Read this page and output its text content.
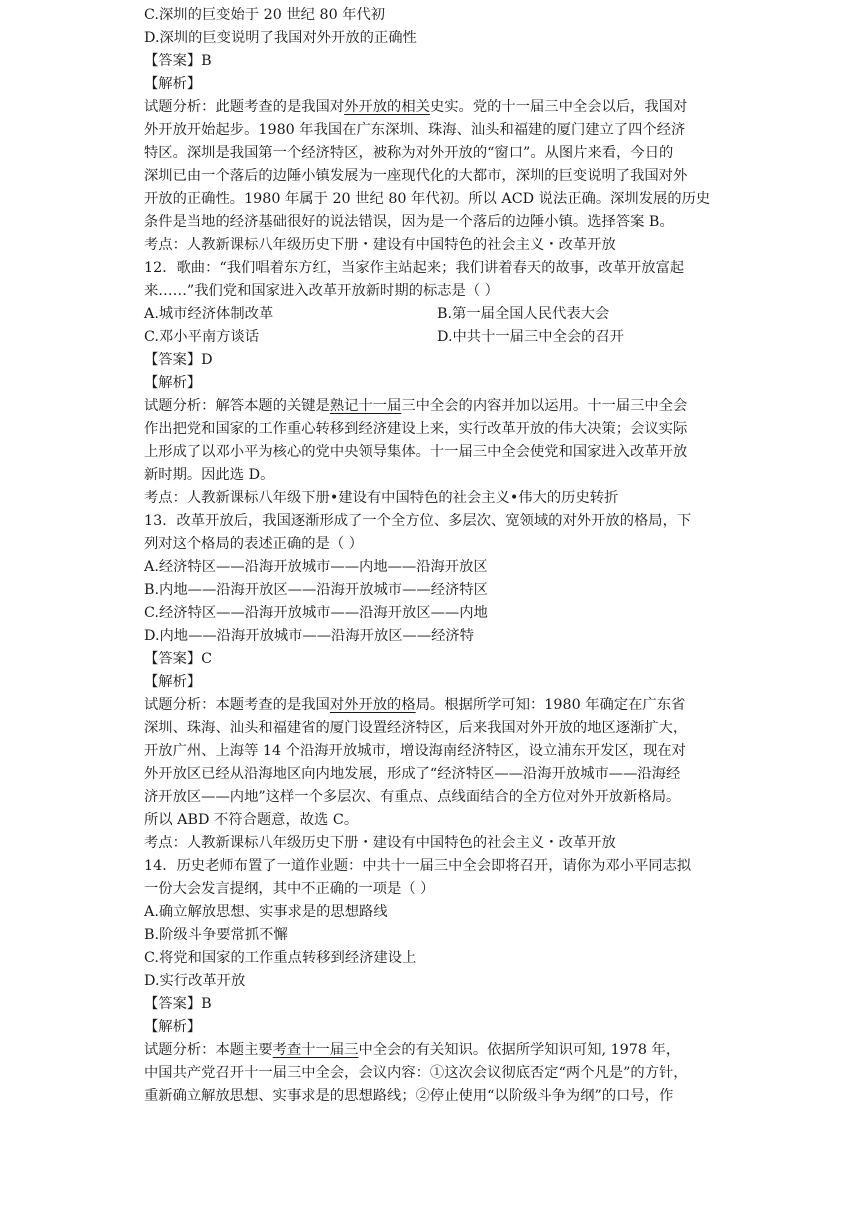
C.深圳的巨变始于 20 世纪 80 年代初
D.深圳的巨变说明了我国对外开放的正确性
【答案】B
【解析】
试题分析：此题考查的是我国对外开放的相关史实。党的十一届三中全会以后，我国对
外开放开始起步。1980 年我国在广东深圳、珠海、汕头和福建的厦门建立了四个经济
特区。深圳是我国第一个经济特区，被称为对外开放的“窗口”。从图片来看，今日的
深圳已由一个落后的边陲小镇发展为一座现代化的大都市，深圳的巨变说明了我国对外
开放的正确性。1980 年属于 20 世纪 80 年代初。所以 ACD 说法正确。深圳发展的历史
条件是当地的经济基础很好的说法错误，因为是一个落后的边陲小镇。选择答案 B。
考点：人教新课标八年级历史下册・建设有中国特色的社会主义・改革开放
12．歌曲：“我们唱着东方红，当家作主站起来；我们讲着春天的故事，改革开放富起
来……”我们党和国家进入改革开放新时期的标志是（ ）
A.城市经济体制改革	B.第一届全国人民代表大会
C.邓小平南方谈话	D.中共十一届三中全会的召开
【答案】D
【解析】
试题分析：解答本题的关键是熟记十一届三中全会的内容并加以运用。十一届三中全会
作出把党和国家的工作重心转移到经济建设上来，实行改革开放的伟大决策；会议实际
上形成了以邓小平为核心的党中央领导集体。十一届三中全会使党和国家进入改革开放
新时期。因此选 D。
考点：人教新课标八年级下册•建设有中国特色的社会主义•伟大的历史转折
13．改革开放后，我国逐渐形成了一个全方位、多层次、宽领域的对外开放的格局，下
列对这个格局的表述正确的是（ ）
A.经济特区——沿海开放城市——内地——沿海开放区
B.内地——沿海开放区——沿海开放城市——经济特区
C.经济特区——沿海开放城市——沿海开放区——内地
D.内地——沿海开放城市——沿海开放区——经济特
【答案】C
【解析】
试题分析：本题考查的是我国对外开放的格局。根据所学可知：1980 年确定在广东省
深圳、珠海、汕头和福建省的厦门设置经济特区，后来我国对外开放的地区逐渐扩大，
开放广州、上海等 14 个沿海开放城市，增设海南经济特区，设立浦东开发区，现在对
外开放区已经从沿海地区向内地发展，形成了“经济特区——沿海开放城市——沿海经
济开放区——内地”这样一个多层次、有重点、点线面结合的全方位对外开放新格局。
所以 ABD 不符合题意，故选 C。
考点：人教新课标八年级历史下册・建设有中国特色的社会主义・改革开放
14．历史老师布置了一道作业题：中共十一届三中全会即将召开，请你为邓小平同志拟
一份大会发言提纲，其中不正确的一项是（ ）
A.确立解放思想、实事求是的思想路线
B.阶级斗争要常抓不懈
C.将党和国家的工作重点转移到经济建设上
D.实行改革开放
【答案】B
【解析】
试题分析：本题主要考查十一届三中全会的有关知识。依据所学知识可知, 1978 年，
中国共产党召开十一届三中全会，会议内容：①这次会议彻底否定“两个凡是”的方针，
重新确立解放思想、实事求是的思想路线；②停止使用“以阶级斗争为纲”的口号，作
